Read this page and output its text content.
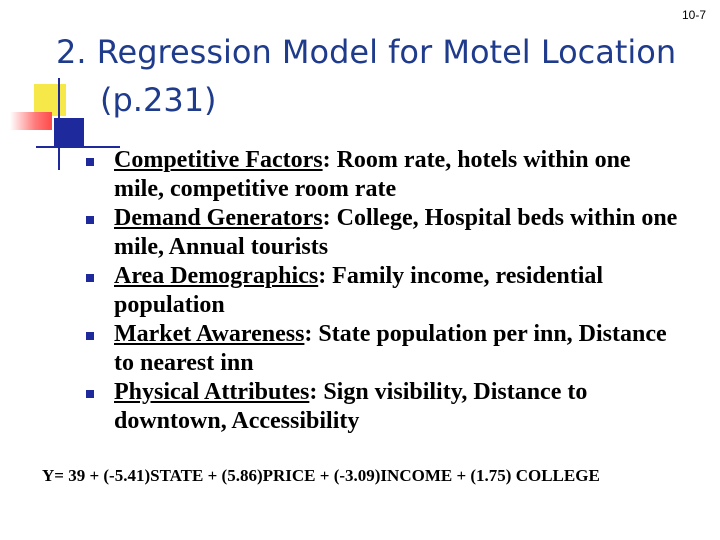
10-7
2. Regression Model for Motel Location
(p.231)
Competitive Factors: Room rate, hotels within one mile, competitive room rate
Demand Generators: College, Hospital beds within one mile, Annual tourists
Area Demographics: Family income, residential population
Market Awareness: State population per inn, Distance to nearest inn
Physical Attributes: Sign visibility, Distance to downtown, Accessibility
Y= 39 + (-5.41)STATE + (5.86)PRICE + (-3.09)INCOME + (1.75) COLLEGE
